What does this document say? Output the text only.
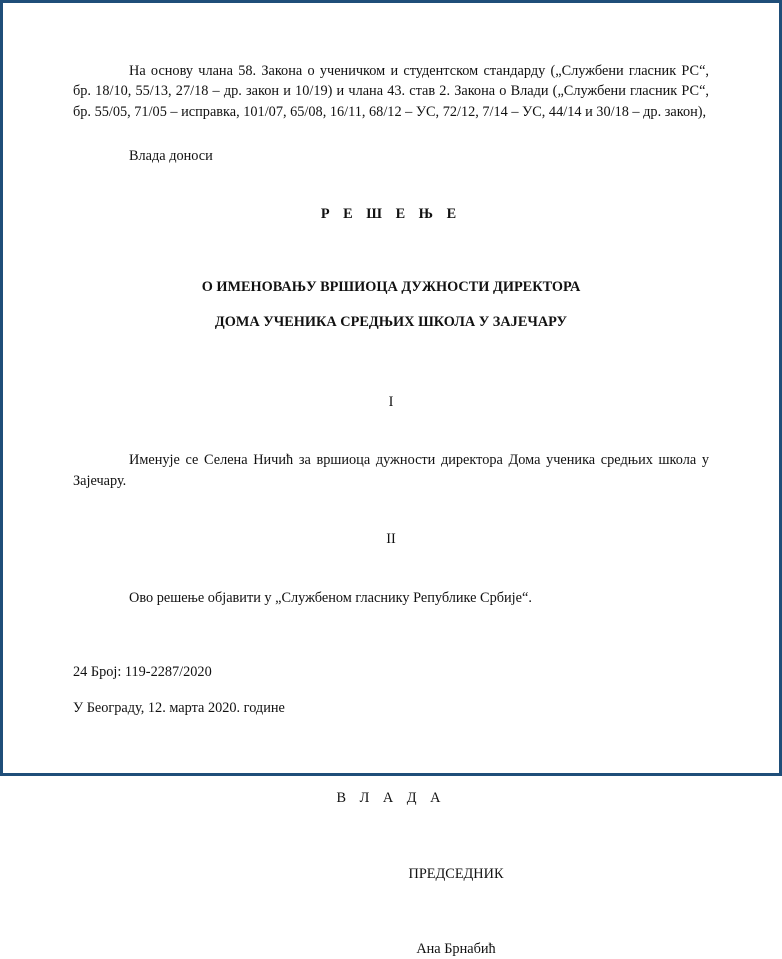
На основу члана 58. Закона о ученичком и студентском стандарду („Службени гласник РС“, бр. 18/10, 55/13, 27/18 – др. закон и 10/19) и члана 43. став 2. Закона о Влади („Службени гласник РС“, бр. 55/05, 71/05 – исправка, 101/07, 65/08, 16/11, 68/12 – УС, 72/12, 7/14 – УС, 44/14 и 30/18 – др. закон),

Влада доноси

Р Е Ш Е Њ Е

О ИМЕНОВАЊУ ВРШИОЦА ДУЖНОСТИ ДИРЕКТОРА

ДОМА УЧЕНИКА СРЕДЊИХ ШКОЛА У ЗАЈЕЧАРУ

I

Именује се Селена Ничић за вршиоца дужности директора Дома ученика средњих школа у Зајечару.

II

Ово решење објавити у „Службеном гласнику Републике Србије“.

24 Број: 119-2287/2020

У Београду, 12. марта 2020. године

В Л А Д А

ПРЕДСЕДНИК
Ана Брнабић
